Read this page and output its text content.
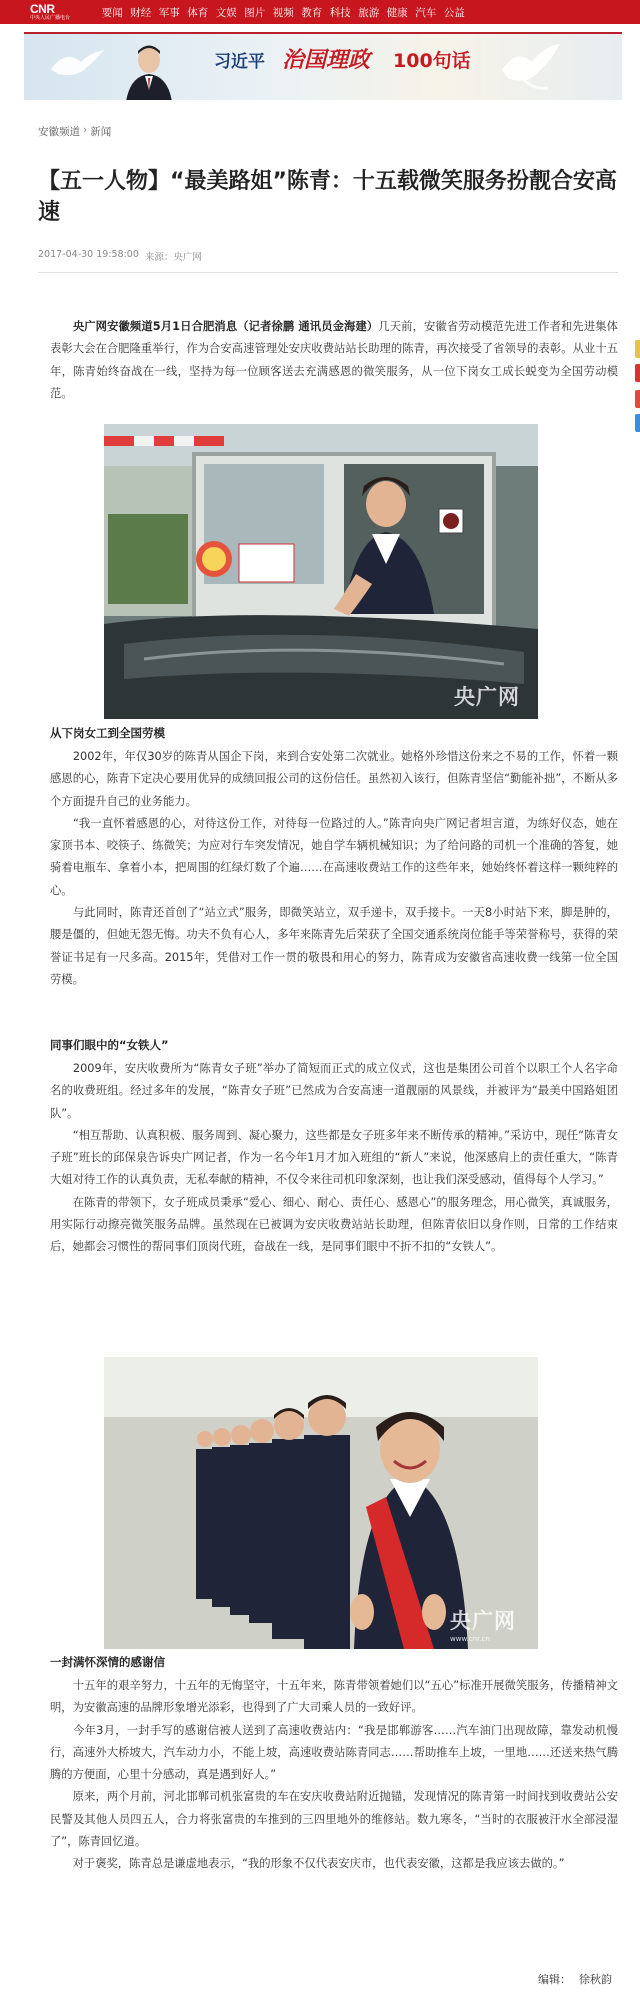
CNR
中央人民广播电台	要闻 财经 军事 体育 文娱 图片 视频 教育 科技 旅游 健康 汽车 公益
习近平 治国理政 100句话
安徽频道 › 新闻
【五一人物】“最美路姐”陈青：十五载微笑服务扮靓合安高速
2017-04-30 19:58:00 来源：央广网

　　央广网安徽频道5月1日合肥消息（记者徐鹏 通讯员金海建）几天前，安徽省劳动模范先进工作者和先进集体表彰大会在合肥隆重举行，作为合安高速管理处安庆收费站站长助理的陈青，再次接受了省领导的表彰。从业十五年，陈青始终奋战在一线，坚持为每一位顾客送去充满感恩的微笑服务，从一位下岗女工成长蜕变为全国劳动模范。

央广网
从下岗女工到全国劳模

　　2002年，年仅30岁的陈青从国企下岗，来到合安处第二次就业。她格外珍惜这份来之不易的工作，怀着一颗感恩的心，陈青下定决心要用优异的成绩回报公司的这份信任。虽然初入该行，但陈青坚信“勤能补拙”，不断从多个方面提升自己的业务能力。

　　“我一直怀着感恩的心，对待这份工作，对待每一位路过的人。”陈青向央广网记者坦言道，为练好仪态，她在家顶书本、咬筷子、练微笑；为应对行车突发情况，她自学车辆机械知识；为了给问路的司机一个准确的答复，她骑着电瓶车、拿着小本，把周围的红绿灯数了个遍……在高速收费站工作的这些年来，她始终怀着这样一颗纯粹的心。

　　与此同时，陈青还首创了“站立式”服务，即微笑站立，双手递卡，双手接卡。一天8小时站下来，脚是肿的，腰是僵的，但她无怨无悔。功夫不负有心人，多年来陈青先后荣获了全国交通系统岗位能手等荣誉称号，获得的荣誉证书足有一尺多高。2015年，凭借对工作一贯的敬畏和用心的努力，陈青成为安徽省高速收费一线第一位全国劳模。

同事们眼中的“女铁人”

　　2009年，安庆收费所为“陈青女子班”举办了简短而正式的成立仪式，这也是集团公司首个以职工个人名字命名的收费班组。经过多年的发展，“陈青女子班”已然成为合安高速一道靓丽的风景线，并被评为“最美中国路姐团队”。

　　“相互帮助、认真积极、服务周到、凝心聚力，这些都是女子班多年来不断传承的精神。”采访中，现任“陈青女子班”班长的邱保泉告诉央广网记者，作为一名今年1月才加入班组的“新人”来说，他深感肩上的责任重大，“陈青大姐对待工作的认真负责，无私奉献的精神，不仅令来往司机印象深刻，也让我们深受感动，值得每个人学习。”

　　在陈青的带领下，女子班成员秉承“爱心、细心、耐心、责任心、感恩心”的服务理念，用心微笑，真诚服务，用实际行动擦亮微笑服务品牌。虽然现在已被调为安庆收费站站长助理，但陈青依旧以身作则，日常的工作结束后，她都会习惯性的帮同事们顶岗代班，奋战在一线，是同事们眼中不折不扣的“女铁人”。

央广网
www.cnr.cn
一封满怀深情的感谢信

　　十五年的艰辛努力，十五年的无悔坚守，十五年来，陈青带领着她们以“五心”标准开展微笑服务，传播精神文明，为安徽高速的品牌形象增光添彩，也得到了广大司乘人员的一致好评。

　　今年3月，一封手写的感谢信被人送到了高速收费站内：“我是邯郸游客……汽车油门出现故障，靠发动机慢行，高速外大桥坡大，汽车动力小，不能上坡，高速收费站陈青同志……帮助推车上坡，一里地……还送来热气腾腾的方便面，心里十分感动，真是遇到好人。”

　　原来，两个月前，河北邯郸司机张富贵的车在安庆收费站附近抛锚，发现情况的陈青第一时间找到收费站公安民警及其他人员四五人，合力将张富贵的车推到的三四里地外的维修站。数九寒冬，“当时的衣服被汗水全部浸湿了”，陈青回忆道。

　　对于褒奖，陈青总是谦虚地表示，“我的形象不仅代表安庆市，也代表安徽，这都是我应该去做的。”

编辑： 徐秋韵
